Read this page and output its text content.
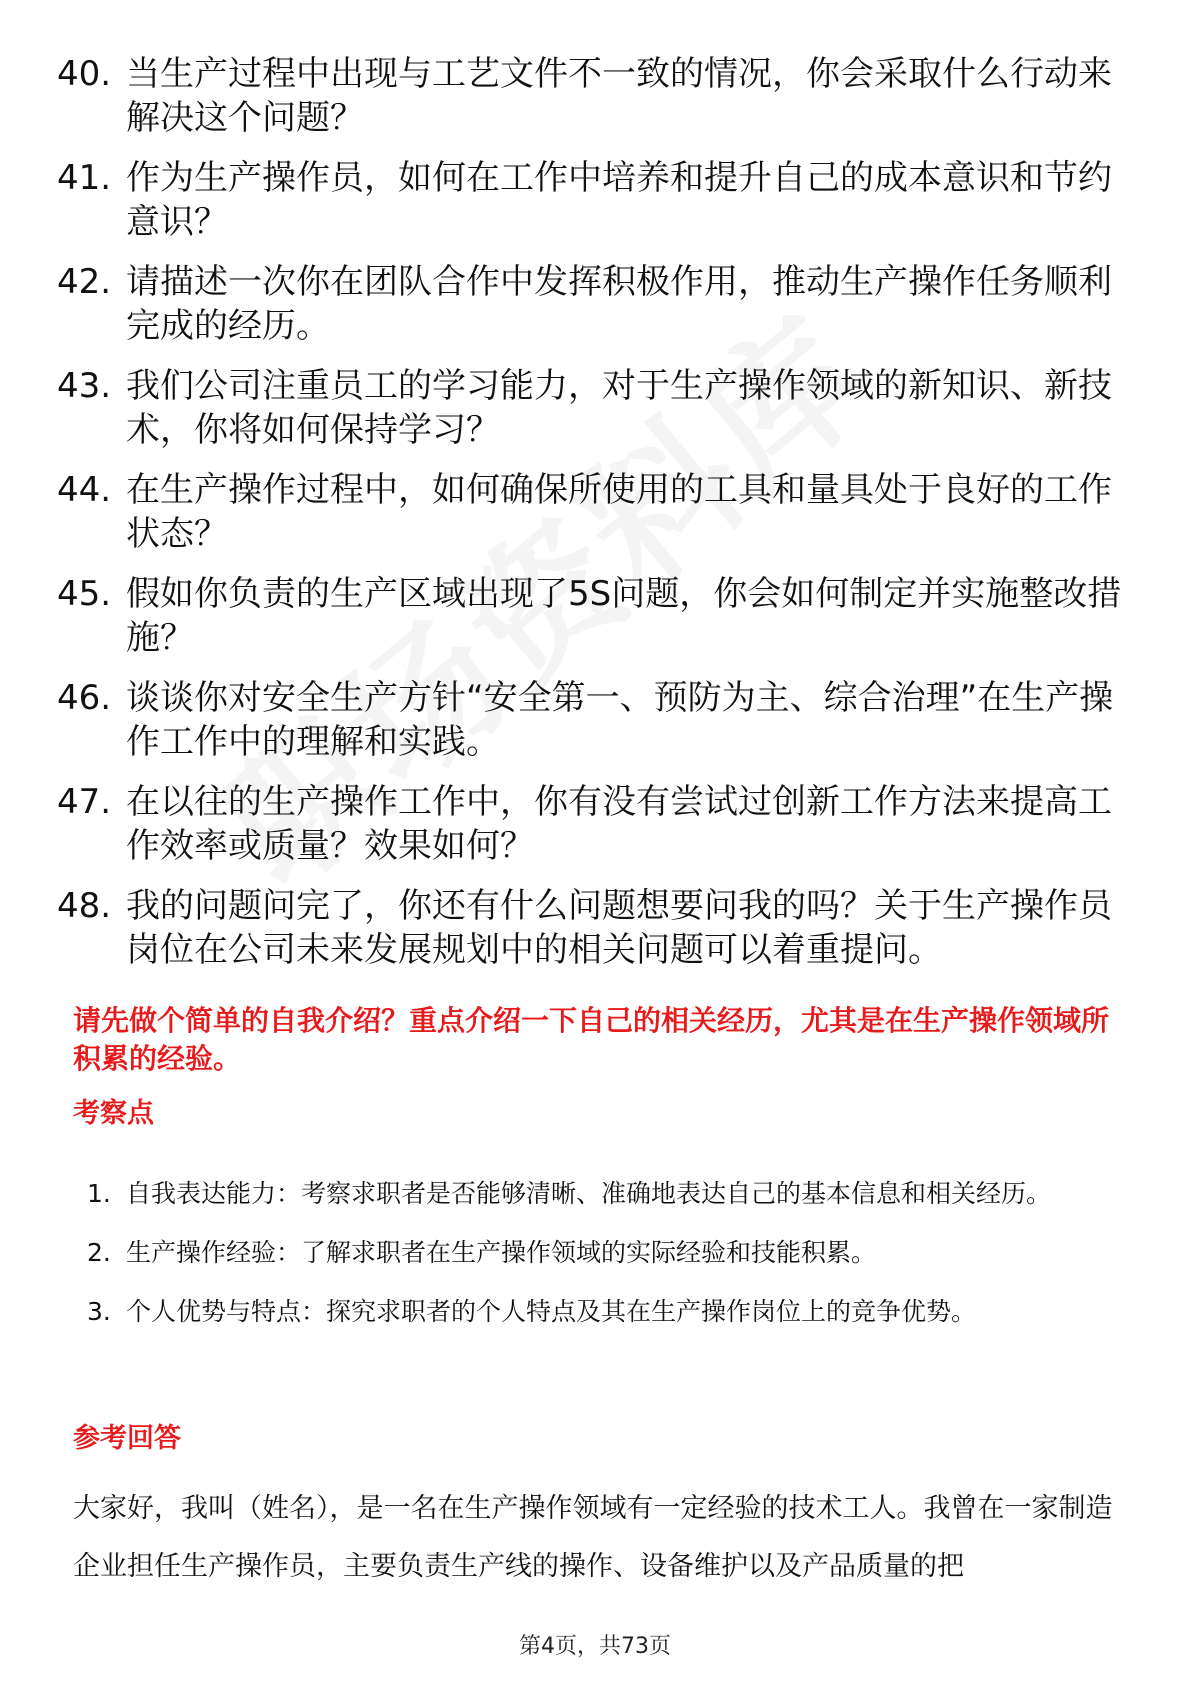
40. 当生产过程中出现与工艺文件不一致的情况，你会采取什么行动来解决这个问题？
41. 作为生产操作员，如何在工作中培养和提升自己的成本意识和节约意识？
42. 请描述一次你在团队合作中发挥积极作用，推动生产操作任务顺利完成的经历。
43. 我们公司注重员工的学习能力，对于生产操作领域的新知识、新技术，你将如何保持学习？
44. 在生产操作过程中，如何确保所使用的工具和量具处于良好的工作状态？
45. 假如你负责的生产区域出现了5S问题，你会如何制定并实施整改措施？
46. 谈谈你对安全生产方针“安全第一、预防为主、综合治理”在生产操作工作中的理解和实践。
47. 在以往的生产操作工作中，你有没有尝试过创新工作方法来提高工作效率或质量？效果如何？
48. 我的问题问完了，你还有什么问题想要问我的吗？关于生产操作员岗位在公司未来发展规划中的相关问题可以着重提问。
请先做个简单的自我介绍？重点介绍一下自己的相关经历，尤其是在生产操作领域所积累的经验。
考察点
1. 自我表达能力：考察求职者是否能够清晰、准确地表达自己的基本信息和相关经历。
2. 生产操作经验：了解求职者在生产操作领域的实际经验和技能积累。
3. 个人优势与特点：探究求职者的个人特点及其在生产操作岗位上的竞争优势。
参考回答
大家好，我叫（姓名），是一名在生产操作领域有一定经验的技术工人。我曾在一家制造企业担任生产操作员，主要负责生产线的操作、设备维护以及产品质量的把
第4页，共73页
